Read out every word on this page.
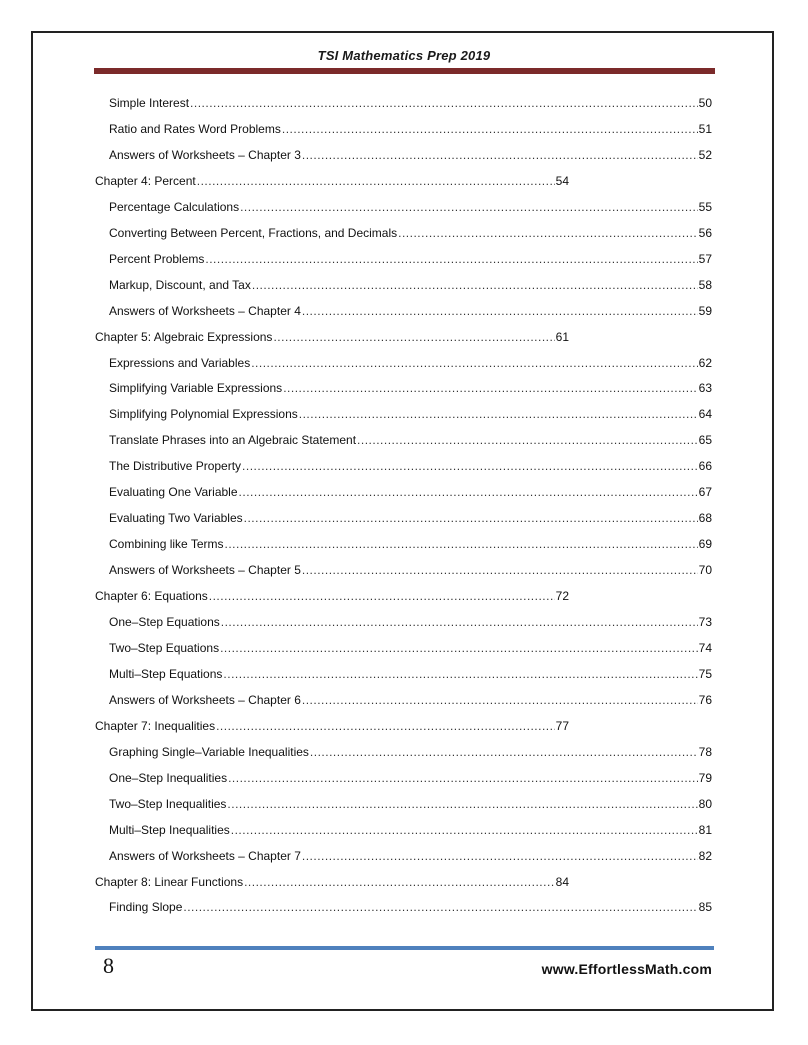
TSI Mathematics Prep 2019
Simple Interest .....	50
Ratio and Rates Word Problems .....	51
Answers of Worksheets – Chapter 3 .....	52
Chapter 4: Percent .....	54
Percentage Calculations .....	55
Converting Between Percent, Fractions, and Decimals .....	56
Percent Problems .....	57
Markup, Discount, and Tax .....	58
Answers of Worksheets – Chapter 4 .....	59
Chapter 5: Algebraic Expressions .....	61
Expressions and Variables .....	62
Simplifying Variable Expressions .....	63
Simplifying Polynomial Expressions .....	64
Translate Phrases into an Algebraic Statement .....	65
The Distributive Property .....	66
Evaluating One Variable .....	67
Evaluating Two Variables .....	68
Combining like Terms .....	69
Answers of Worksheets – Chapter 5 .....	70
Chapter 6: Equations .....	72
One–Step Equations .....	73
Two–Step Equations .....	74
Multi–Step Equations .....	75
Answers of Worksheets – Chapter 6 .....	76
Chapter 7: Inequalities .....	77
Graphing Single–Variable Inequalities .....	78
One–Step Inequalities .....	79
Two–Step Inequalities .....	80
Multi–Step Inequalities .....	81
Answers of Worksheets – Chapter 7 .....	82
Chapter 8: Linear Functions .....	84
Finding Slope .....	85
8	www.EffortlessMath.com
